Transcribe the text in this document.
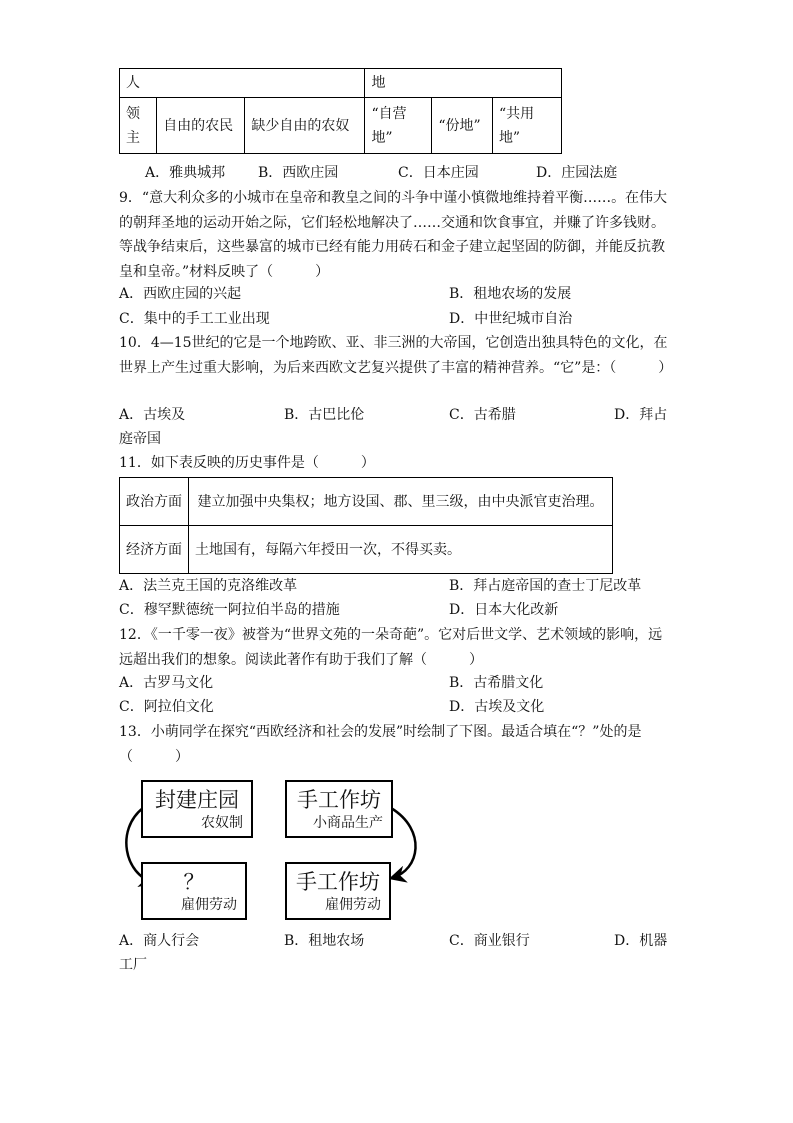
人			地		
领主	自由的农民	缺少自由的农奴	“自营地”	“份地”	“共用地”
A．雅典城邦 B．西欧庄园	C．日本庄园	D．庄园法庭
9．“意大利众多的小城市在皇帝和教皇之间的斗争中谨小慎微地维持着平衡……。在伟大的朝拜圣地的运动开始之际，它们轻松地解决了……交通和饮食事宜，并赚了许多钱财。等战争结束后，这些暴富的城市已经有能力用砖石和金子建立起坚固的防御，并能反抗教皇和皇帝。”材料反映了（　　　）
A．西欧庄园的兴起	B．租地农场的发展
C．集中的手工工业出现	D．中世纪城市自治
10．4—15世纪的它是一个地跨欧、亚、非三洲的大帝国，它创造出独具特色的文化，在世界上产生过重大影响，为后来西欧文艺复兴提供了丰富的精神营养。“它”是：（　　　）
A．古埃及	B．古巴比伦	C．古希腊	D．拜占
庭帝国
11．如下表反映的历史事件是（　　　）
政治方面	建立加强中央集权；地方设国、郡、里三级，由中央派官吏治理。
经济方面	土地国有，每隔六年授田一次，不得买卖。
A．法兰克王国的克洛维改革	B．拜占庭帝国的查士丁尼改革
C．穆罕默德统一阿拉伯半岛的措施	D．日本大化改新
12．《一千零一夜》被誉为“世界文苑的一朵奇葩”。它对后世文学、艺术领域的影响，远远超出我们的想象。阅读此著作有助于我们了解（　　　）
A．古罗马文化	B．古希腊文化
C．阿拉伯文化	D．古埃及文化
13．小萌同学在探究“西欧经济和社会的发展”时绘制了下图。最适合填在“？”处的是（　　　）
封建庄园
农奴制
手工作坊
小商品生产
？
雇佣劳动
手工作坊
雇佣劳动
A．商人行会	B．租地农场	C．商业银行	D．机器
工厂
